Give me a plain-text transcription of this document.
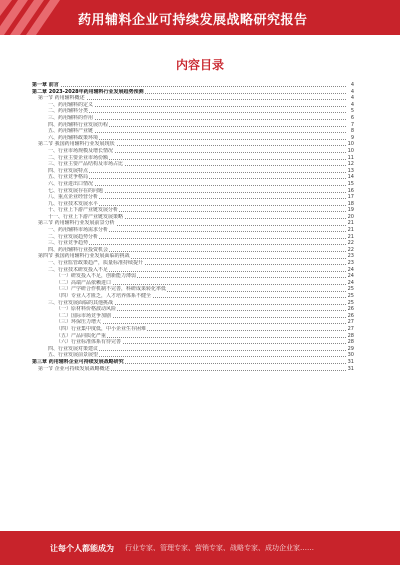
药用辅料企业可持续发展战略研究报告
内容目录
第一章 前言	4
第二章 2023-2028年药用辅料行业发展趋势预测	4
第一节 药用辅料概述	4
一、药用辅料的定义	4
二、药用辅料分类	5
三、药用辅料的作用	6
四、药用辅料行业发展历程	7
五、药用辅料产业链	8
六、药用辅料政策环境	9
第二节 我国药用辅料行业发展现状	10
一、行业市场规模及增长情况	10
二、行业主要企业市场份额	11
三、行业主要产品结构及市场占比	12
四、行业发展特点	13
五、行业竞争格局	14
六、行业进出口情况	15
七、行业发展存在的问题	16
八、重点企业经营分析	17
九、行业技术发展水平	18
十、行业上下游产业链发展分析	19
十一、行业上下游产业链发展策略	20
第三节 药用辅料行业发展前景分析	21
一、药用辅料市场需求分析	21
二、行业发展趋势分析	21
三、行业竞争趋势	22
四、药用辅料行业投资机会	22
第四节 我国药用辅料行业发展面临的挑战	23
一、行业监管政策趋严，质量标准持续提升	23
二、行业技术研发投入不足	24
（一）研发投入不足，创新能力薄弱	24
（二）高端产品依赖进口	24
（三）产学研合作机制不完善，科研成果转化率低	25
（四）专业人才匮乏，人才培养体系不健全	25
三、行业发展面临的其他挑战	25
（一）原材料价格波动风险	26
（二）国际市场竞争加剧	26
（三）环保压力增大	27
（四）行业集中度低，中小企业生存困难	27
（五）产品同质化严重	28
（六）行业标准体系有待完善	28
四、行业发展对策建议	29
五、行业发展前景展望	30
第三章 药用辅料企业可持续发展战略研究	31
第一节 企业可持续发展战略概述	31
让每个人都能成为 行业专家、管理专家、营销专家、战略专家、成功企业家……
